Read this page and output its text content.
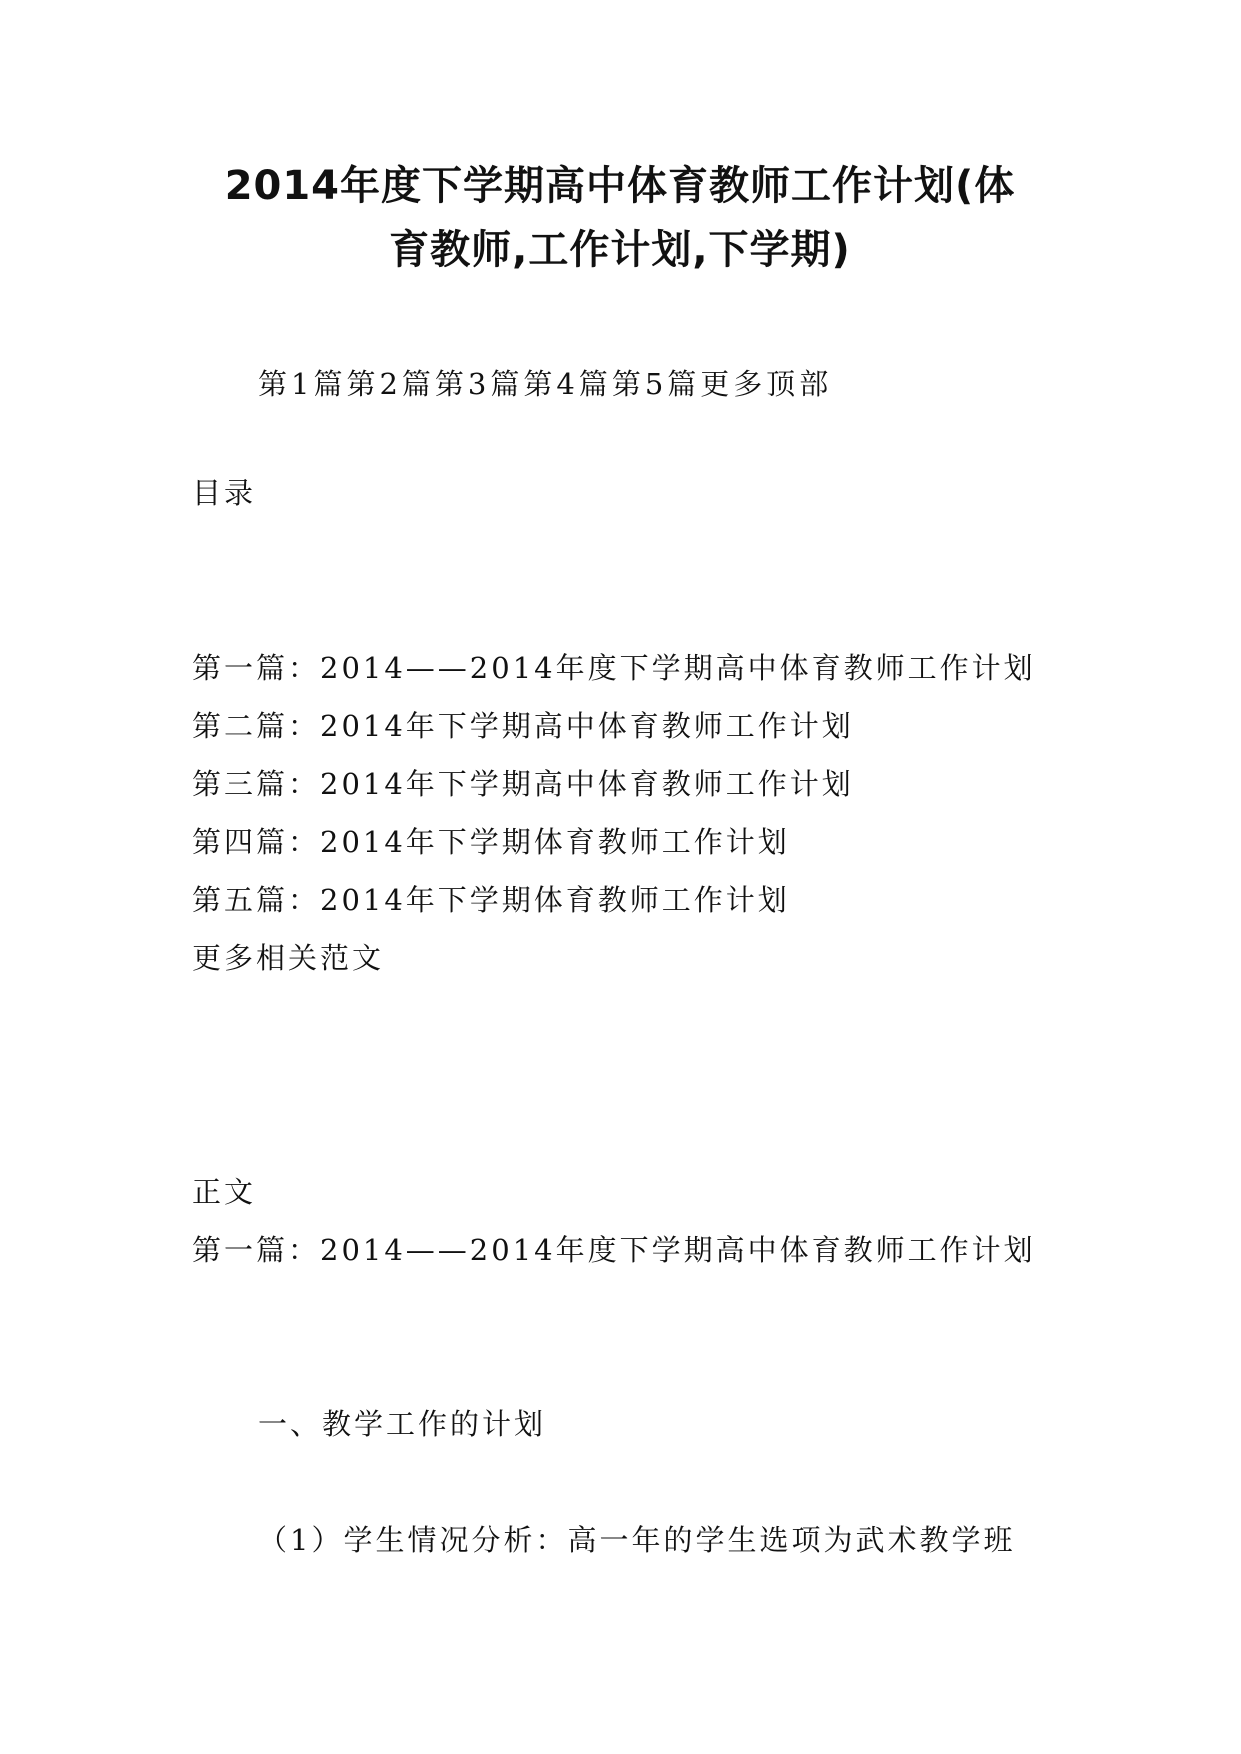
2014年度下学期高中体育教师工作计划(体
育教师,工作计划,下学期)
第1篇第2篇第3篇第4篇第5篇更多顶部
目录
第一篇：2014——2014年度下学期高中体育教师工作计划
第二篇：2014年下学期高中体育教师工作计划
第三篇：2014年下学期高中体育教师工作计划
第四篇：2014年下学期体育教师工作计划
第五篇：2014年下学期体育教师工作计划
更多相关范文
正文
第一篇：2014——2014年度下学期高中体育教师工作计划
一、教学工作的计划
（1）学生情况分析：高一年的学生选项为武术教学班
